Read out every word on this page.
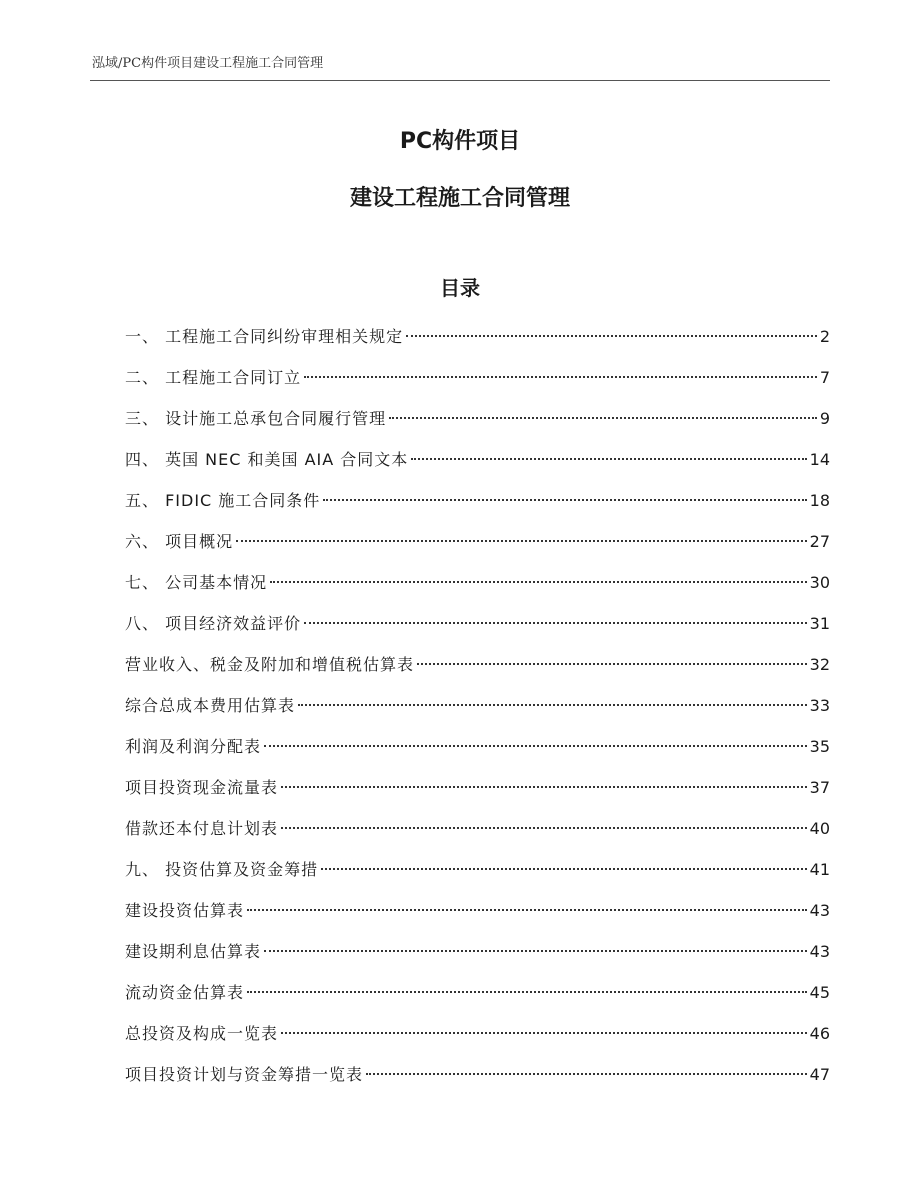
泓域/PC构件项目建设工程施工合同管理
PC构件项目
建设工程施工合同管理
目录
一、 工程施工合同纠纷审理相关规定	2
二、 工程施工合同订立	7
三、 设计施工总承包合同履行管理	9
四、 英国 NEC 和美国 AIA 合同文本	14
五、 FIDIC 施工合同条件	18
六、 项目概况	27
七、 公司基本情况	30
八、 项目经济效益评价	31
营业收入、税金及附加和增值税估算表	32
综合总成本费用估算表	33
利润及利润分配表	35
项目投资现金流量表	37
借款还本付息计划表	40
九、 投资估算及资金筹措	41
建设投资估算表	43
建设期利息估算表	43
流动资金估算表	45
总投资及构成一览表	46
项目投资计划与资金筹措一览表	47
